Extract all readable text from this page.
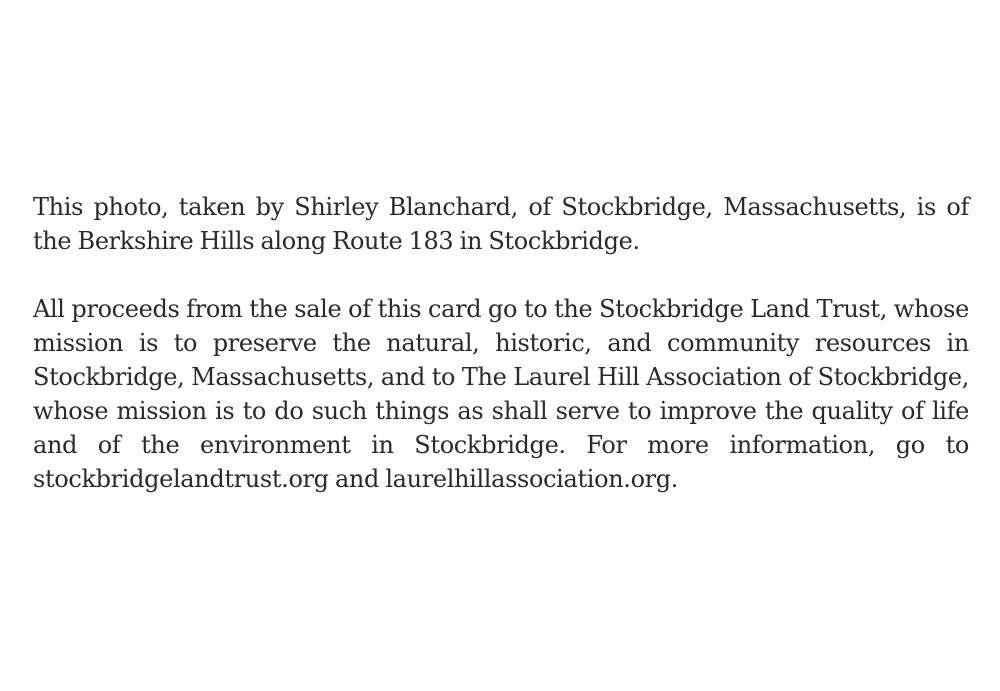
This photo, taken by Shirley Blanchard, of Stockbridge, Massachusetts, is of the Berkshire Hills along Route 183 in Stockbridge.

All proceeds from the sale of this card go to the Stockbridge Land Trust, whose mission is to preserve the natural, historic, and community resources in Stockbridge, Massachusetts, and to The Laurel Hill Association of Stockbridge, whose mission is to do such things as shall serve to improve the quality of life and of the environment in Stockbridge. For more information, go to stockbridgelandtrust.org and laurelhillassociation.org.
